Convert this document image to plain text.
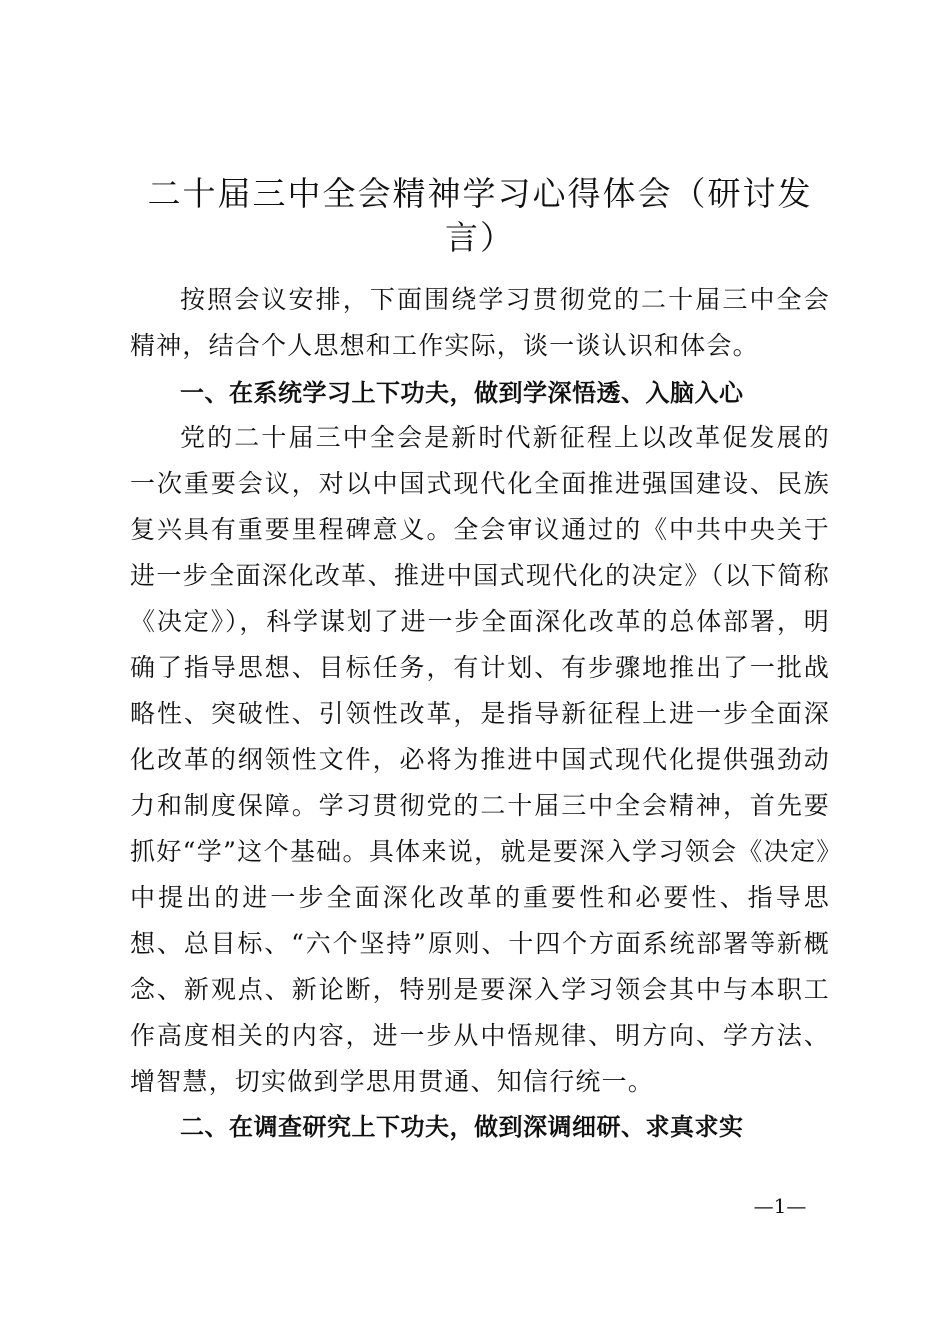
二十届三中全会精神学习心得体会（研讨发言）

按照会议安排，下面围绕学习贯彻党的二十届三中全会精神，结合个人思想和工作实际，谈一谈认识和体会。

一、在系统学习上下功夫，做到学深悟透、入脑入心

党的二十届三中全会是新时代新征程上以改革促发展的一次重要会议，对以中国式现代化全面推进强国建设、民族复兴具有重要里程碑意义。全会审议通过的《中共中央关于进一步全面深化改革、推进中国式现代化的决定》（以下简称《决定》），科学谋划了进一步全面深化改革的总体部署，明确了指导思想、目标任务，有计划、有步骤地推出了一批战略性、突破性、引领性改革，是指导新征程上进一步全面深化改革的纲领性文件，必将为推进中国式现代化提供强劲动力和制度保障。学习贯彻党的二十届三中全会精神，首先要抓好“学”这个基础。具体来说，就是要深入学习领会《决定》中提出的进一步全面深化改革的重要性和必要性、指导思想、总目标、“六个坚持”原则、十四个方面系统部署等新概念、新观点、新论断，特别是要深入学习领会其中与本职工作高度相关的内容，进一步从中悟规律、明方向、学方法、增智慧，切实做到学思用贯通、知信行统一。

二、在调查研究上下功夫，做到深调细研、求真求实
—1—
